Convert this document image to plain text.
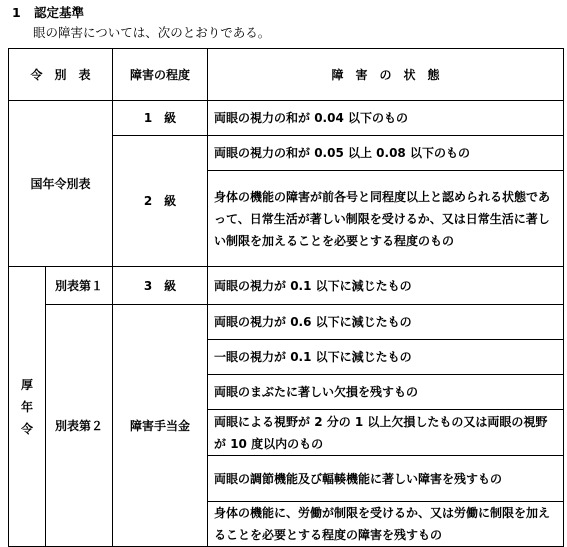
1 認定基準
眼の障害については、次のとおりである。
令　別　表		障害の程度	障　害　の　状　態
国年令別表		1　級	両眼の視力の和が 0.04 以下のもの
		2　級	両眼の視力の和が 0.05 以上 0.08 以下のもの
			身体の機能の障害が前各号と同程度以上と認められる状態であって、日常生活が著しい制限を受けるか、又は日常生活に著しい制限を加えることを必要とする程度のもの

厚
年
令	別表第１	3　級	両眼の視力が 0.1 以下に減じたもの
	別表第２	障害手当金	両眼の視力が 0.6 以下に減じたもの
			一眼の視力が 0.1 以下に減じたもの
			両眼のまぶたに著しい欠損を残すもの
			両眼による視野が 2 分の 1 以上欠損したもの又は両眼の視野が 10 度以内のもの
			両眼の調節機能及び輻輳機能に著しい障害を残すもの
			身体の機能に、労働が制限を受けるか、又は労働に制限を加えることを必要とする程度の障害を残すもの
